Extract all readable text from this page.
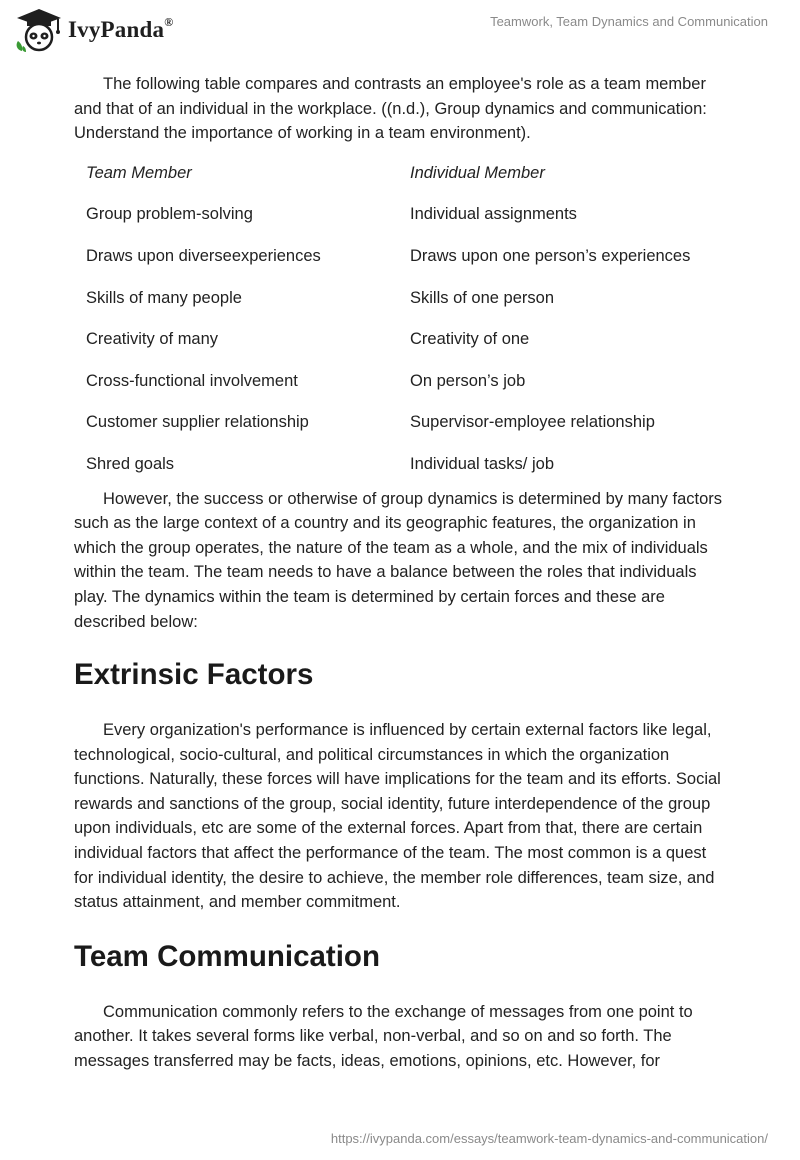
IvyPanda®	Teamwork, Team Dynamics and Communication

The following table compares and contrasts an employee's role as a team member and that of an individual in the workplace. ((n.d.), Group dynamics and communication: Understand the importance of working in a team environment).

Team Member	Individual Member
Group problem-solving	Individual assignments
Draws upon diverseexperiences	Draws upon one person’s experiences
Skills of many people	Skills of one person
Creativity of many	Creativity of one
Cross-functional involvement	On person’s job
Customer supplier relationship	Supervisor-employee relationship
Shred goals	Individual tasks/ job

However, the success or otherwise of group dynamics is determined by many factors such as the large context of a country and its geographic features, the organization in which the group operates, the nature of the team as a whole, and the mix of individuals within the team. The team needs to have a balance between the roles that individuals play. The dynamics within the team is determined by certain forces and these are described below:

Extrinsic Factors

Every organization's performance is influenced by certain external factors like legal, technological, socio-cultural, and political circumstances in which the organization functions. Naturally, these forces will have implications for the team and its efforts. Social rewards and sanctions of the group, social identity, future interdependence of the group upon individuals, etc are some of the external forces. Apart from that, there are certain individual factors that affect the performance of the team. The most common is a quest for individual identity, the desire to achieve, the member role differences, team size, and status attainment, and member commitment.

Team Communication

Communication commonly refers to the exchange of messages from one point to another. It takes several forms like verbal, non-verbal, and so on and so forth. The messages transferred may be facts, ideas, emotions, opinions, etc. However, for

https://ivypanda.com/essays/teamwork-team-dynamics-and-communication/
